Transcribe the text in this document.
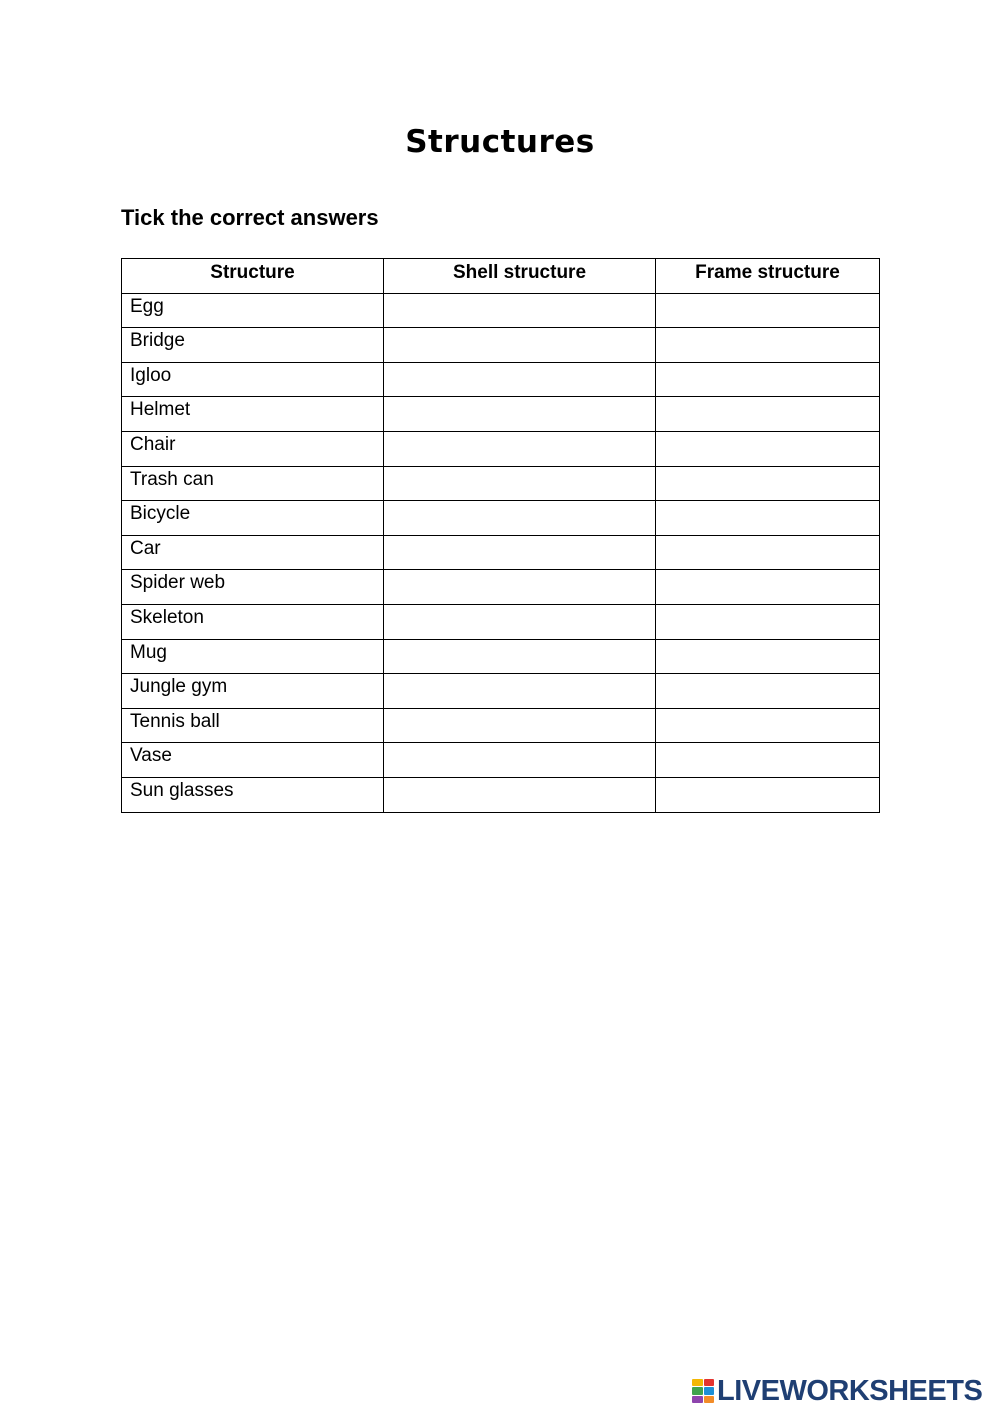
Structures
Tick the correct answers
Structure	Shell structure	Frame structure
Egg		
Bridge		
Igloo		
Helmet		
Chair		
Trash can		
Bicycle		
Car		
Spider web		
Skeleton		
Mug		
Jungle gym		
Tennis ball		
Vase		
Sun glasses		
LIVEWORKSHEETS
